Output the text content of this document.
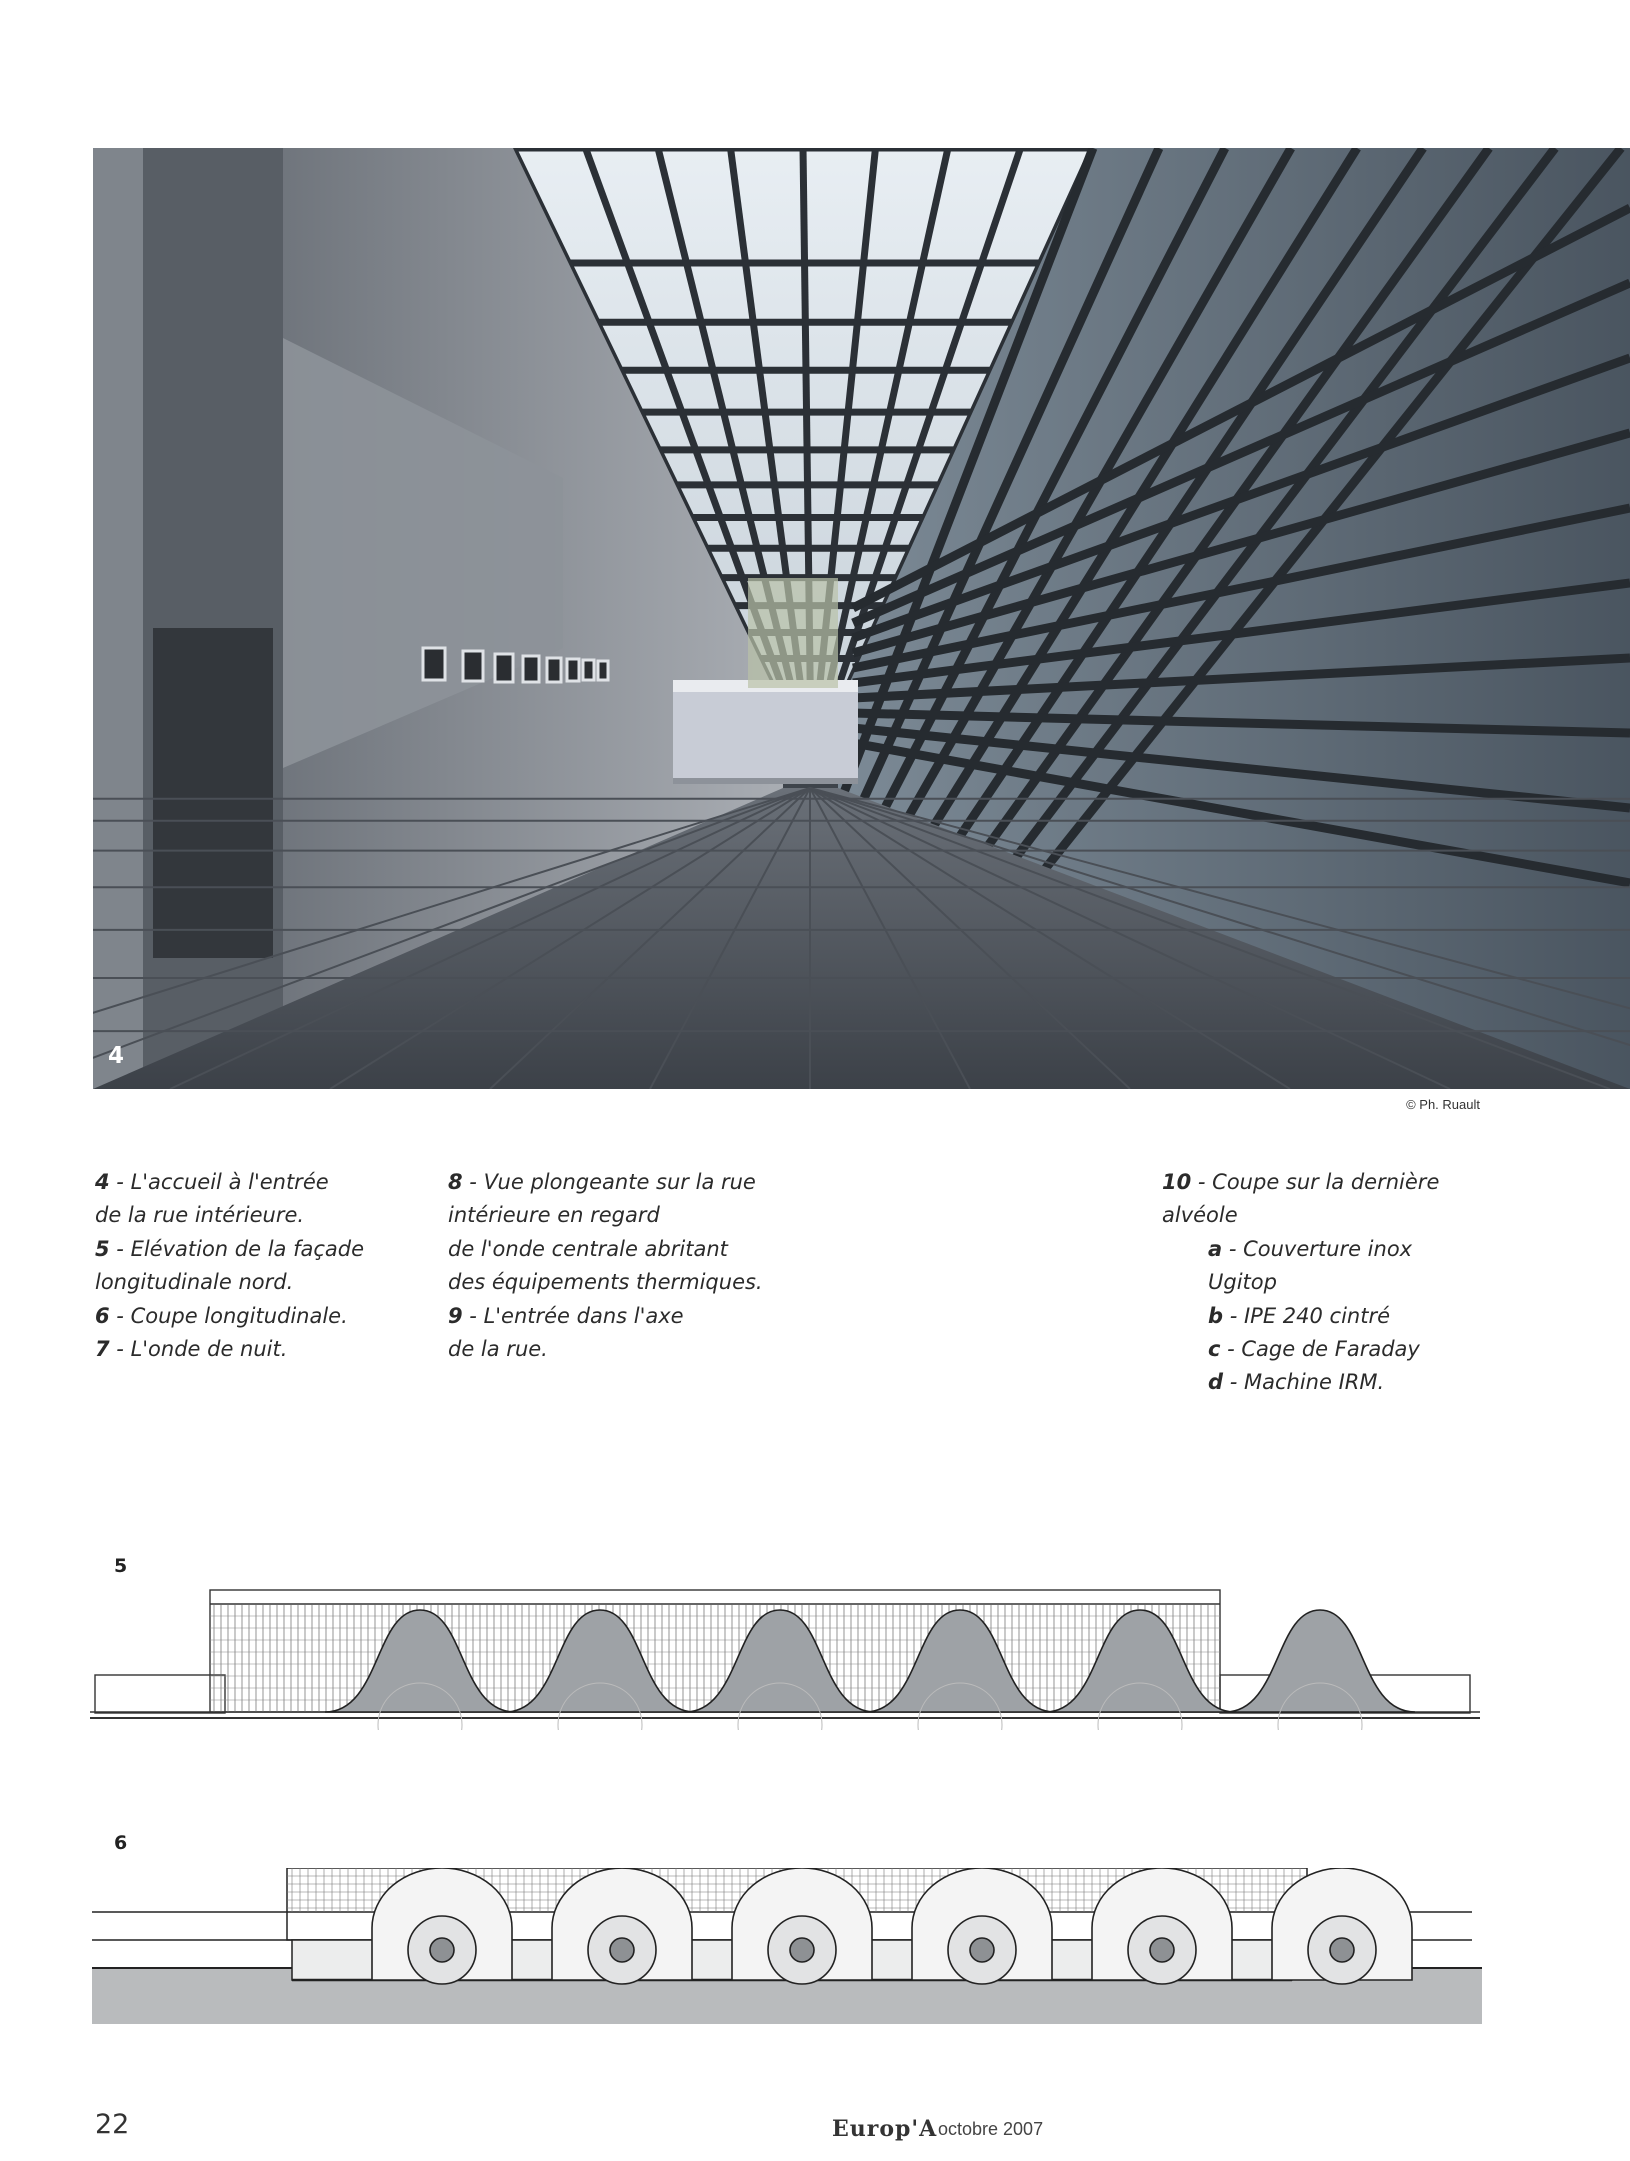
4
© Ph. Ruault
4 - L'accueil à l'entrée
de la rue intérieure.
5 - Elévation de la façade
longitudinale nord.
6 - Coupe longitudinale.
7 - L'onde de nuit.
8 - Vue plongeante sur la rue
intérieure en regard
de l'onde centrale abritant
des équipements thermiques.
9 - L'entrée dans l'axe
de la rue.
10 - Coupe sur la dernière
alvéole
a - Couverture inox
Ugitop
b - IPE 240 cintré
c - Cage de Faraday
d - Machine IRM.
5
6
22	Europ'A octobre 2007
